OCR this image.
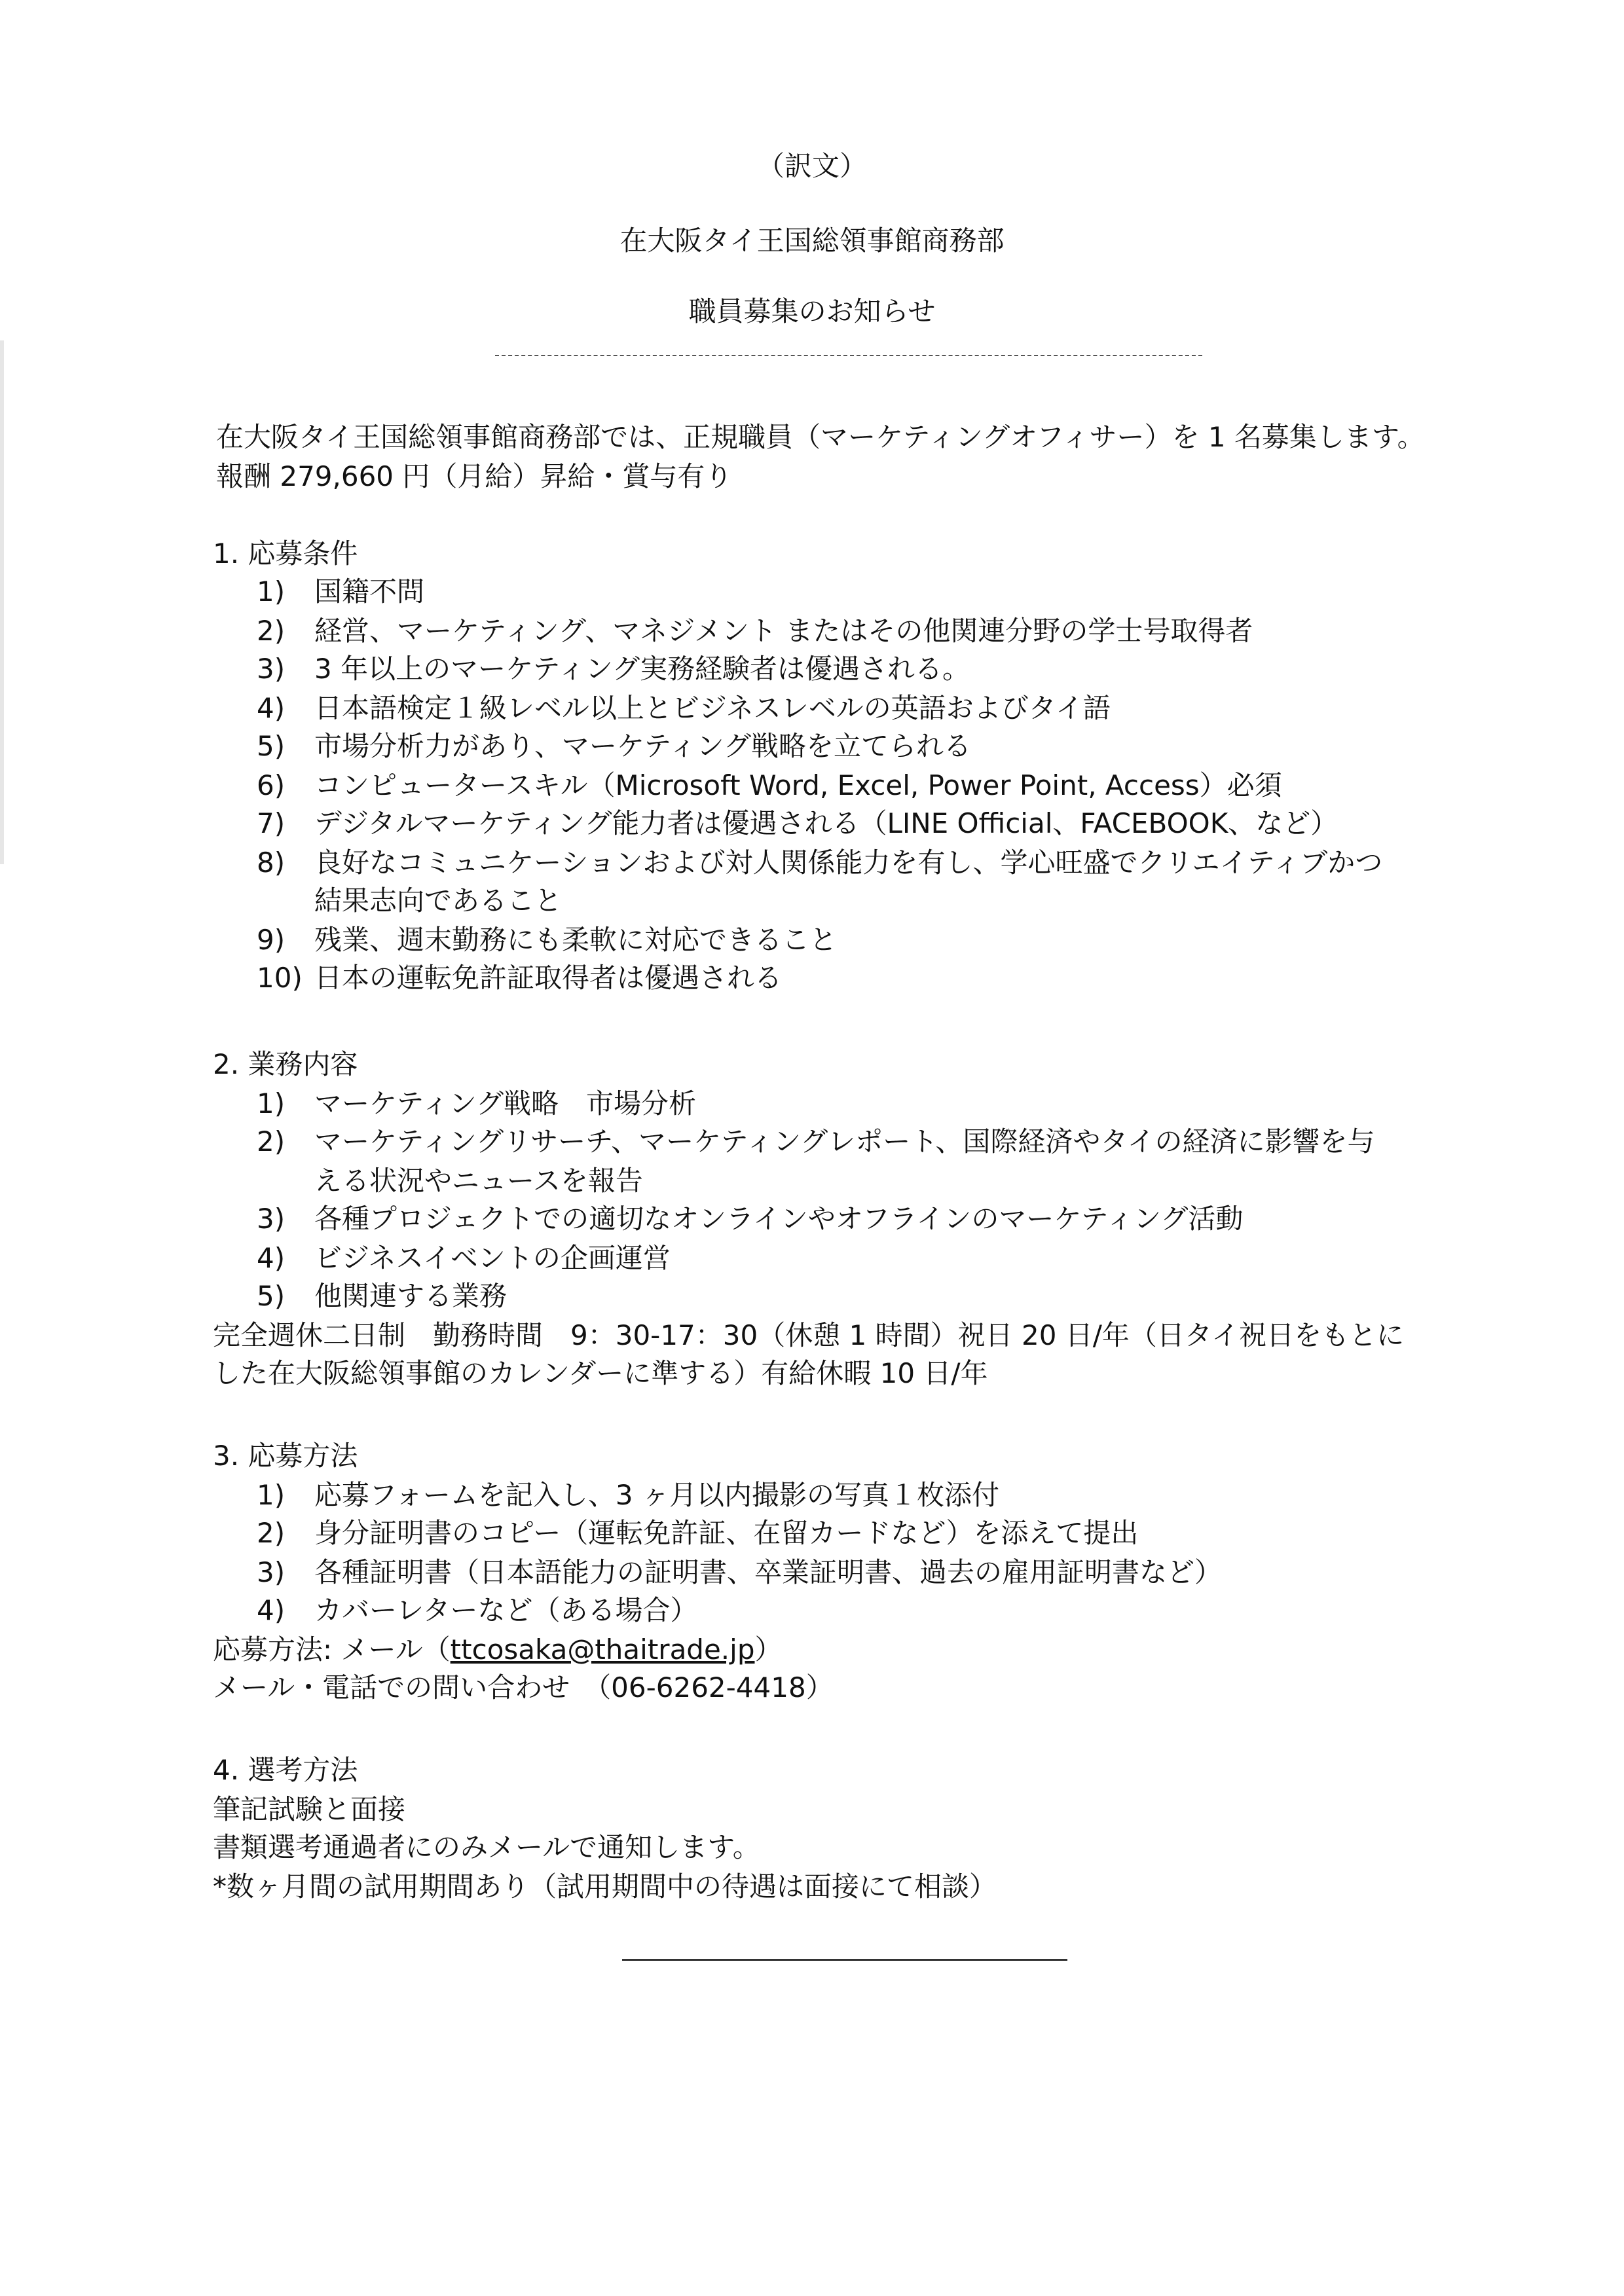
（訳文）
在大阪タイ王国総領事館商務部
職員募集のお知らせ
在大阪タイ王国総領事館商務部では、正規職員（マーケティングオフィサー）を 1 名募集します。
報酬 279,660 円（月給）昇給・賞与有り
1. 応募条件
1) 国籍不問
2) 経営、マーケティング、マネジメント またはその他関連分野の学士号取得者
3) 3 年以上のマーケティング実務経験者は優遇される。
4) 日本語検定１級レベル以上とビジネスレベルの英語およびタイ語
5) 市場分析力があり、マーケティング戦略を立てられる
6) コンピュータースキル（Microsoft Word, Excel, Power Point, Access）必須
7) デジタルマーケティング能力者は優遇される（LINE Official、FACEBOOK、など）
8) 良好なコミュニケーションおよび対人関係能力を有し、学心旺盛でクリエイティブかつ
結果志向であること
9) 残業、週末勤務にも柔軟に対応できること
10) 日本の運転免許証取得者は優遇される
2. 業務内容
1) マーケティング戦略　市場分析
2) マーケティングリサーチ、マーケティングレポート、国際経済やタイの経済に影響を与
える状況やニュースを報告
3) 各種プロジェクトでの適切なオンラインやオフラインのマーケティング活動
4) ビジネスイベントの企画運営
5) 他関連する業務
完全週休二日制　勤務時間　9：30-17：30（休憩 1 時間）祝日 20 日/年（日タイ祝日をもとに
した在大阪総領事館のカレンダーに準する）有給休暇 10 日/年
3. 応募方法
1) 応募フォームを記入し、3 ヶ月以内撮影の写真１枚添付
2) 身分証明書のコピー（運転免許証、在留カードなど）を添えて提出
3) 各種証明書（日本語能力の証明書、卒業証明書、過去の雇用証明書など）
4) カバーレターなど（ある場合）
応募方法: メール（ttcosaka@thaitrade.jp）
メール・電話での問い合わせ　（06-6262-4418）
4. 選考方法
筆記試験と面接
書類選考通過者にのみメールで通知します。
*数ヶ月間の試用期間あり（試用期間中の待遇は面接にて相談）
